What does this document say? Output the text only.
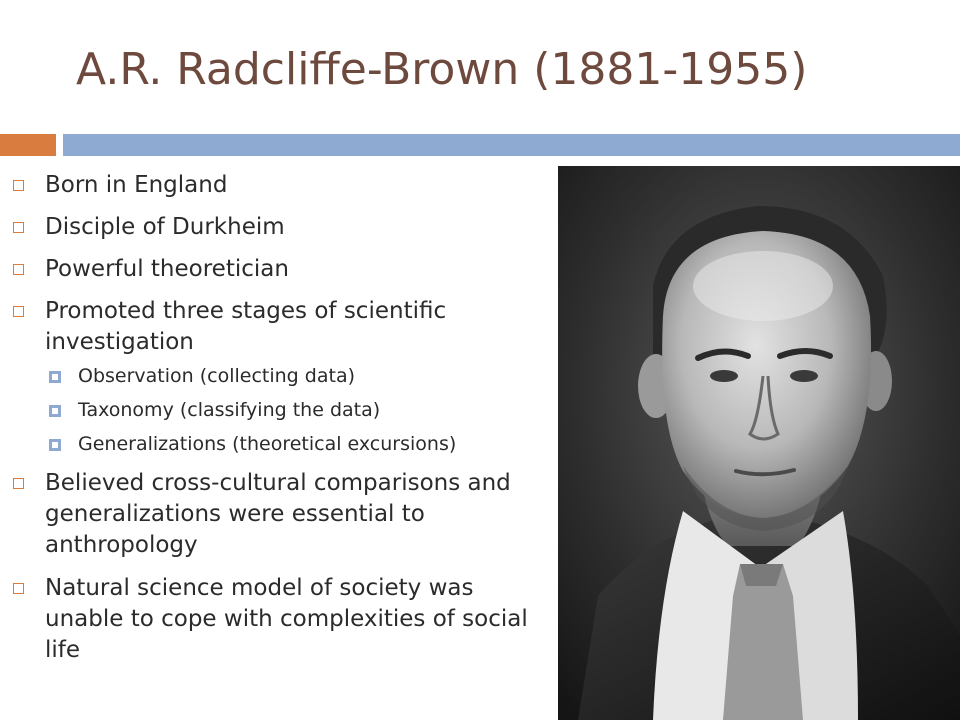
A.R. Radcliffe-Brown (1881-1955)
Born in England
Disciple of Durkheim
Powerful theoretician
Promoted three stages of scientific investigation
Observation (collecting data)
Taxonomy (classifying the data)
Generalizations (theoretical excursions)
Believed cross-cultural comparisons and generalizations were essential to anthropology
Natural science model of society was unable to cope with complexities of social life
